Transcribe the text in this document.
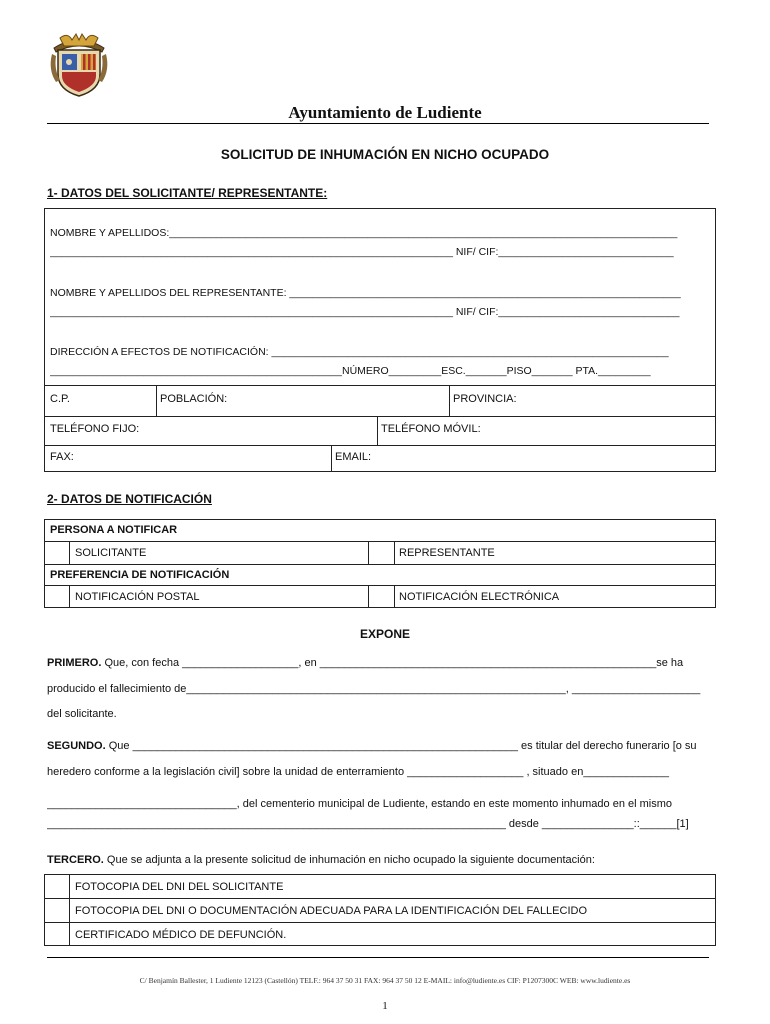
Ayuntamiento de Ludiente
SOLICITUD DE INHUMACIÓN EN NICHO OCUPADO
1- DATOS DEL SOLICITANTE/ REPRESENTANTE:
NOMBRE Y APELLIDOS:_______________________________________________________________________________________
_____________________________________________________________________ NIF/ CIF:______________________________
NOMBRE Y APELLIDOS DEL REPRESENTANTE: ___________________________________________________________________
_____________________________________________________________________ NIF/ CIF:_______________________________
DIRECCIÓN A EFECTOS DE NOTIFICACIÓN: ____________________________________________________________________
__________________________________________________NÚMERO_________ESC._______PISO_______ PTA._________
C.P.	POBLACIÓN:	PROVINCIA:
TELÉFONO FIJO:	TELÉFONO MÓVIL:
FAX:	EMAIL:
2- DATOS DE NOTIFICACIÓN
PERSONA A NOTIFICAR
SOLICITANTE	REPRESENTANTE
PREFERENCIA DE NOTIFICACIÓN
NOTIFICACIÓN POSTAL	NOTIFICACIÓN ELECTRÓNICA
EXPONE
PRIMERO. Que, con fecha ___________________, en _______________________________________________________se ha
producido el fallecimiento de______________________________________________________________, _____________________
del solicitante.
SEGUNDO. Que _______________________________________________________________ es titular del derecho funerario [o su
heredero conforme a la legislación civil] sobre la unidad de enterramiento ___________________ , situado en______________
_______________________________, del cementerio municipal de Ludiente, estando en este momento inhumado en el mismo
___________________________________________________________________________ desde _______________::______[1]
TERCERO. Que se adjunta a la presente solicitud de inhumación en nicho ocupado la siguiente documentación:
FOTOCOPIA DEL DNI DEL SOLICITANTE
FOTOCOPIA DEL DNI O DOCUMENTACIÓN ADECUADA PARA LA IDENTIFICACIÓN DEL FALLECIDO
CERTIFICADO MÉDICO DE DEFUNCIÓN.
C/ Benjamín Ballester, 1 Ludiente 12123 (Castellón) TELF.: 964 37 50 31 FAX: 964 37 50 12 E-MAIL: info@ludiente.es CIF: P1207300C WEB: www.ludiente.es
1
